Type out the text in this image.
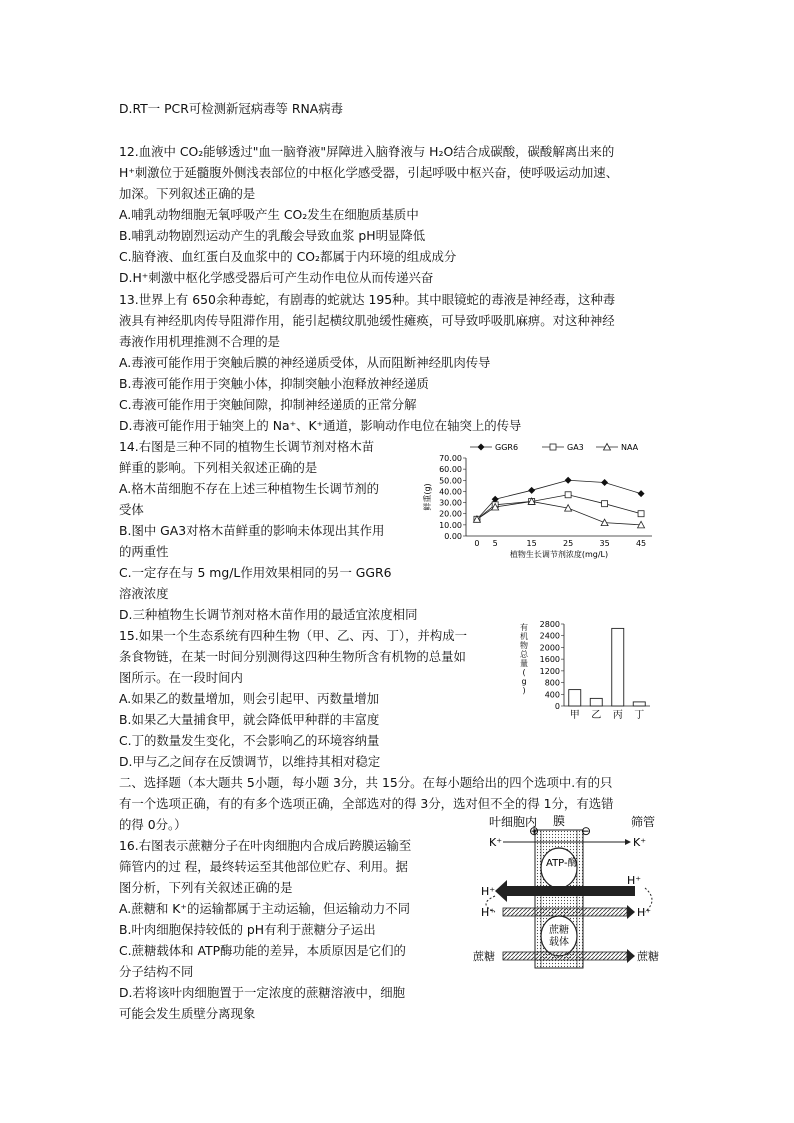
D.RT一 PCR可检测新冠病毒等 RNA病毒
12.血液中 CO₂能够透过"血一脑脊液"屏障进入脑脊液与 H₂O结合成碳酸，碳酸解离出来的
H⁺刺激位于延髓腹外侧浅表部位的中枢化学感受器，引起呼吸中枢兴奋，使呼吸运动加速、
加深。下列叙述正确的是
A.哺乳动物细胞无氧呼吸产生 CO₂发生在细胞质基质中
B.哺乳动物剧烈运动产生的乳酸会导致血浆 pH明显降低
C.脑脊液、血红蛋白及血浆中的 CO₂都属于内环境的组成成分
D.H⁺刺激中枢化学感受器后可产生动作电位从而传递兴奋
13.世界上有 650余种毒蛇，有剧毒的蛇就达 195种。其中眼镜蛇的毒液是神经毒，这种毒
液具有神经肌肉传导阻滞作用，能引起横纹肌弛缓性瘫痪，可导致呼吸肌麻痹。对这种神经
毒液作用机理推测不合理的是
A.毒液可能作用于突触后膜的神经递质受体，从而阻断神经肌肉传导
B.毒液可能作用于突触小体，抑制突触小泡释放神经递质
C.毒液可能作用于突触间隙，抑制神经递质的正常分解
D.毒液可能作用于轴突上的 Na⁺、K⁺通道，影响动作电位在轴突上的传导
14.右图是三种不同的植物生长调节剂对格木苗
鲜重的影响。下列相关叙述正确的是
A.格木苗细胞不存在上述三种植物生长调节剂的
受体
B.图中 GA3对格木苗鲜重的影响未体现出其作用
的两重性
C.一定存在与 5 mg/L作用效果相同的另一 GGR6
溶液浓度
D.三种植物生长调节剂对格木苗作用的最适宜浓度相同
15.如果一个生态系统有四种生物（甲、乙、丙、丁），并构成一
条食物链，在某一时间分别测得这四种生物所含有机物的总量如
图所示。在一段时间内
A.如果乙的数量增加，则会引起甲、丙数量增加
B.如果乙大量捕食甲，就会降低甲种群的丰富度
C.丁的数量发生变化，不会影响乙的环境容纳量
D.甲与乙之间存在反馈调节，以维持其相对稳定
二、选择题（本大题共 5小题，每小题 3分，共 15分。在每小题给出的四个选项中.有的只
有一个选项正确，有的有多个选项正确，全部选对的得 3分，选对但不全的得 1分，有选错
的得 0分。）
16.右图表示蔗糖分子在叶肉细胞内合成后跨膜运输至
筛管内的过 程，最终转运至其他部位贮存、利用。据
图分析，下列有关叙述正确的是
A.蔗糖和 K⁺的运输都属于主动运输，但运输动力不同
B.叶肉细胞保持较低的 pH有利于蔗糖分子运出
C.蔗糖载体和 ATP酶功能的差异，本质原因是它们的
分子结构不同
D.若将该叶肉细胞置于一定浓度的蔗糖溶液中，细胞
可能会发生质壁分离现象
0.00
10.00
20.00
30.00
40.00
50.00
60.00
70.00
0 5	15	25	35	45
植物生长调节剂浓度(mg/L)
鲜重(g)
GGR6	GA3	NAA
0
400
800
1200
1600
2000
2400
2800
有
机
物
总
量
(
g
)
甲 乙 丙 丁
叶细胞内 膜	筛管
⊕	⊖
K⁺	K⁺
ATP-酶
H⁺
H⁺
H⁺	H⁺
蔗糖
载体
蔗糖	蔗糖
